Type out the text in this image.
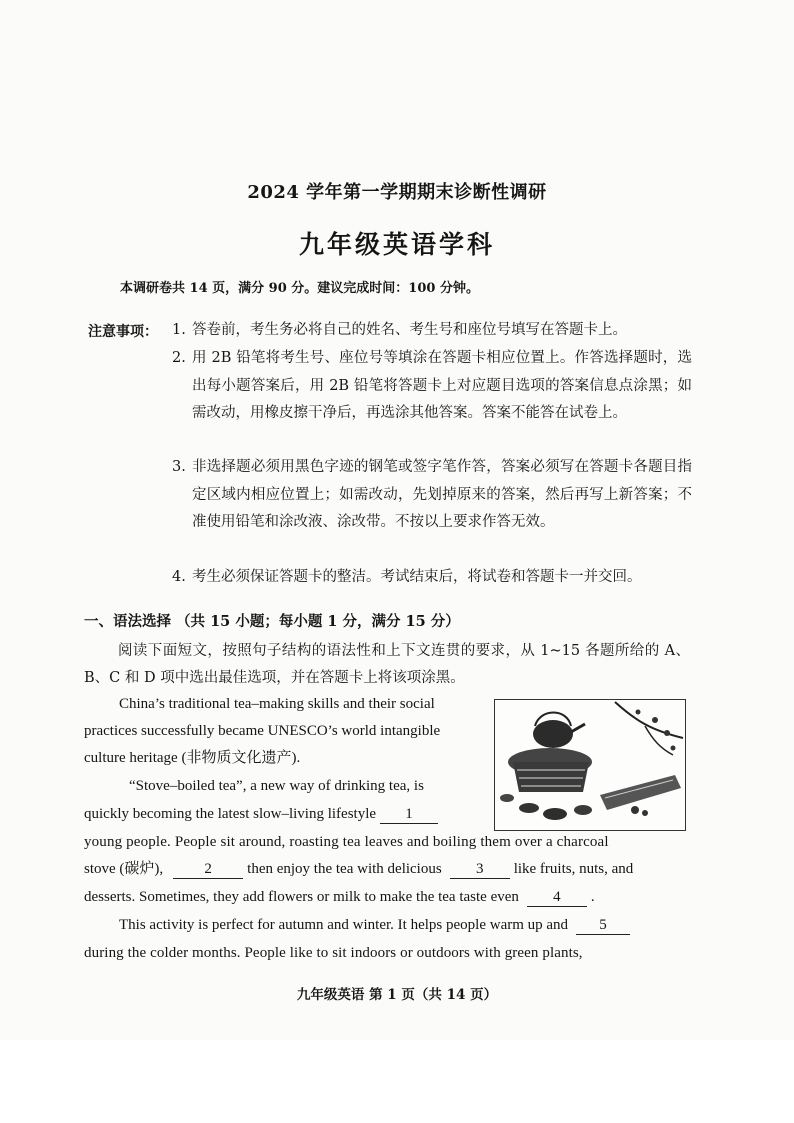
2024 学年第一学期期末诊断性调研
九年级英语学科
本调研卷共 14 页，满分 90 分。建议完成时间：100 分钟。
注意事项： 1. 答卷前，考生务必将自己的姓名、考生号和座位号填写在答题卡上。

2. 用 2B 铅笔将考生号、座位号等填涂在答题卡相应位置上。作答选择题时，选出每小题答案后，用 2B 铅笔将答题卡上对应题目选项的答案信息点涂黑；如需改动，用橡皮擦干净后，再选涂其他答案。答案不能答在试卷上。

3. 非选择题必须用黑色字迹的钢笔或签字笔作答，答案必须写在答题卡各题目指定区域内相应位置上；如需改动，先划掉原来的答案，然后再写上新答案；不准使用铅笔和涂改液、涂改带。不按以上要求作答无效。

4. 考生必须保证答题卡的整洁。考试结束后，将试卷和答题卡一并交回。

一、语法选择 （共 15 小题；每小题 1 分，满分 15 分）

阅读下面短文，按照句子结构的语法性和上下文连贯的要求，从 1~15 各题所给的 A、B、C 和 D 项中选出最佳选项，并在答题卡上将该项涂黑。

China’s traditional tea–making skills and their social
practices successfully became UNESCO’s world intangible
culture heritage (非物质文化遗产).
“Stove–boiled tea”, a new way of drinking tea, is
quickly becoming the latest slow–living lifestyle 1
young people. People sit around, roasting tea leaves and boiling them over a charcoal
stove (碳炉),	2 then enjoy the tea with delicious 3 like fruits, nuts, and
desserts. Sometimes, they add flowers or milk to make the tea taste even 4 .
This activity is perfect for autumn and winter. It helps people warm up and 5
during the colder months. People like to sit indoors or outdoors with green plants,
九年级英语 第 1 页（共 14 页）
